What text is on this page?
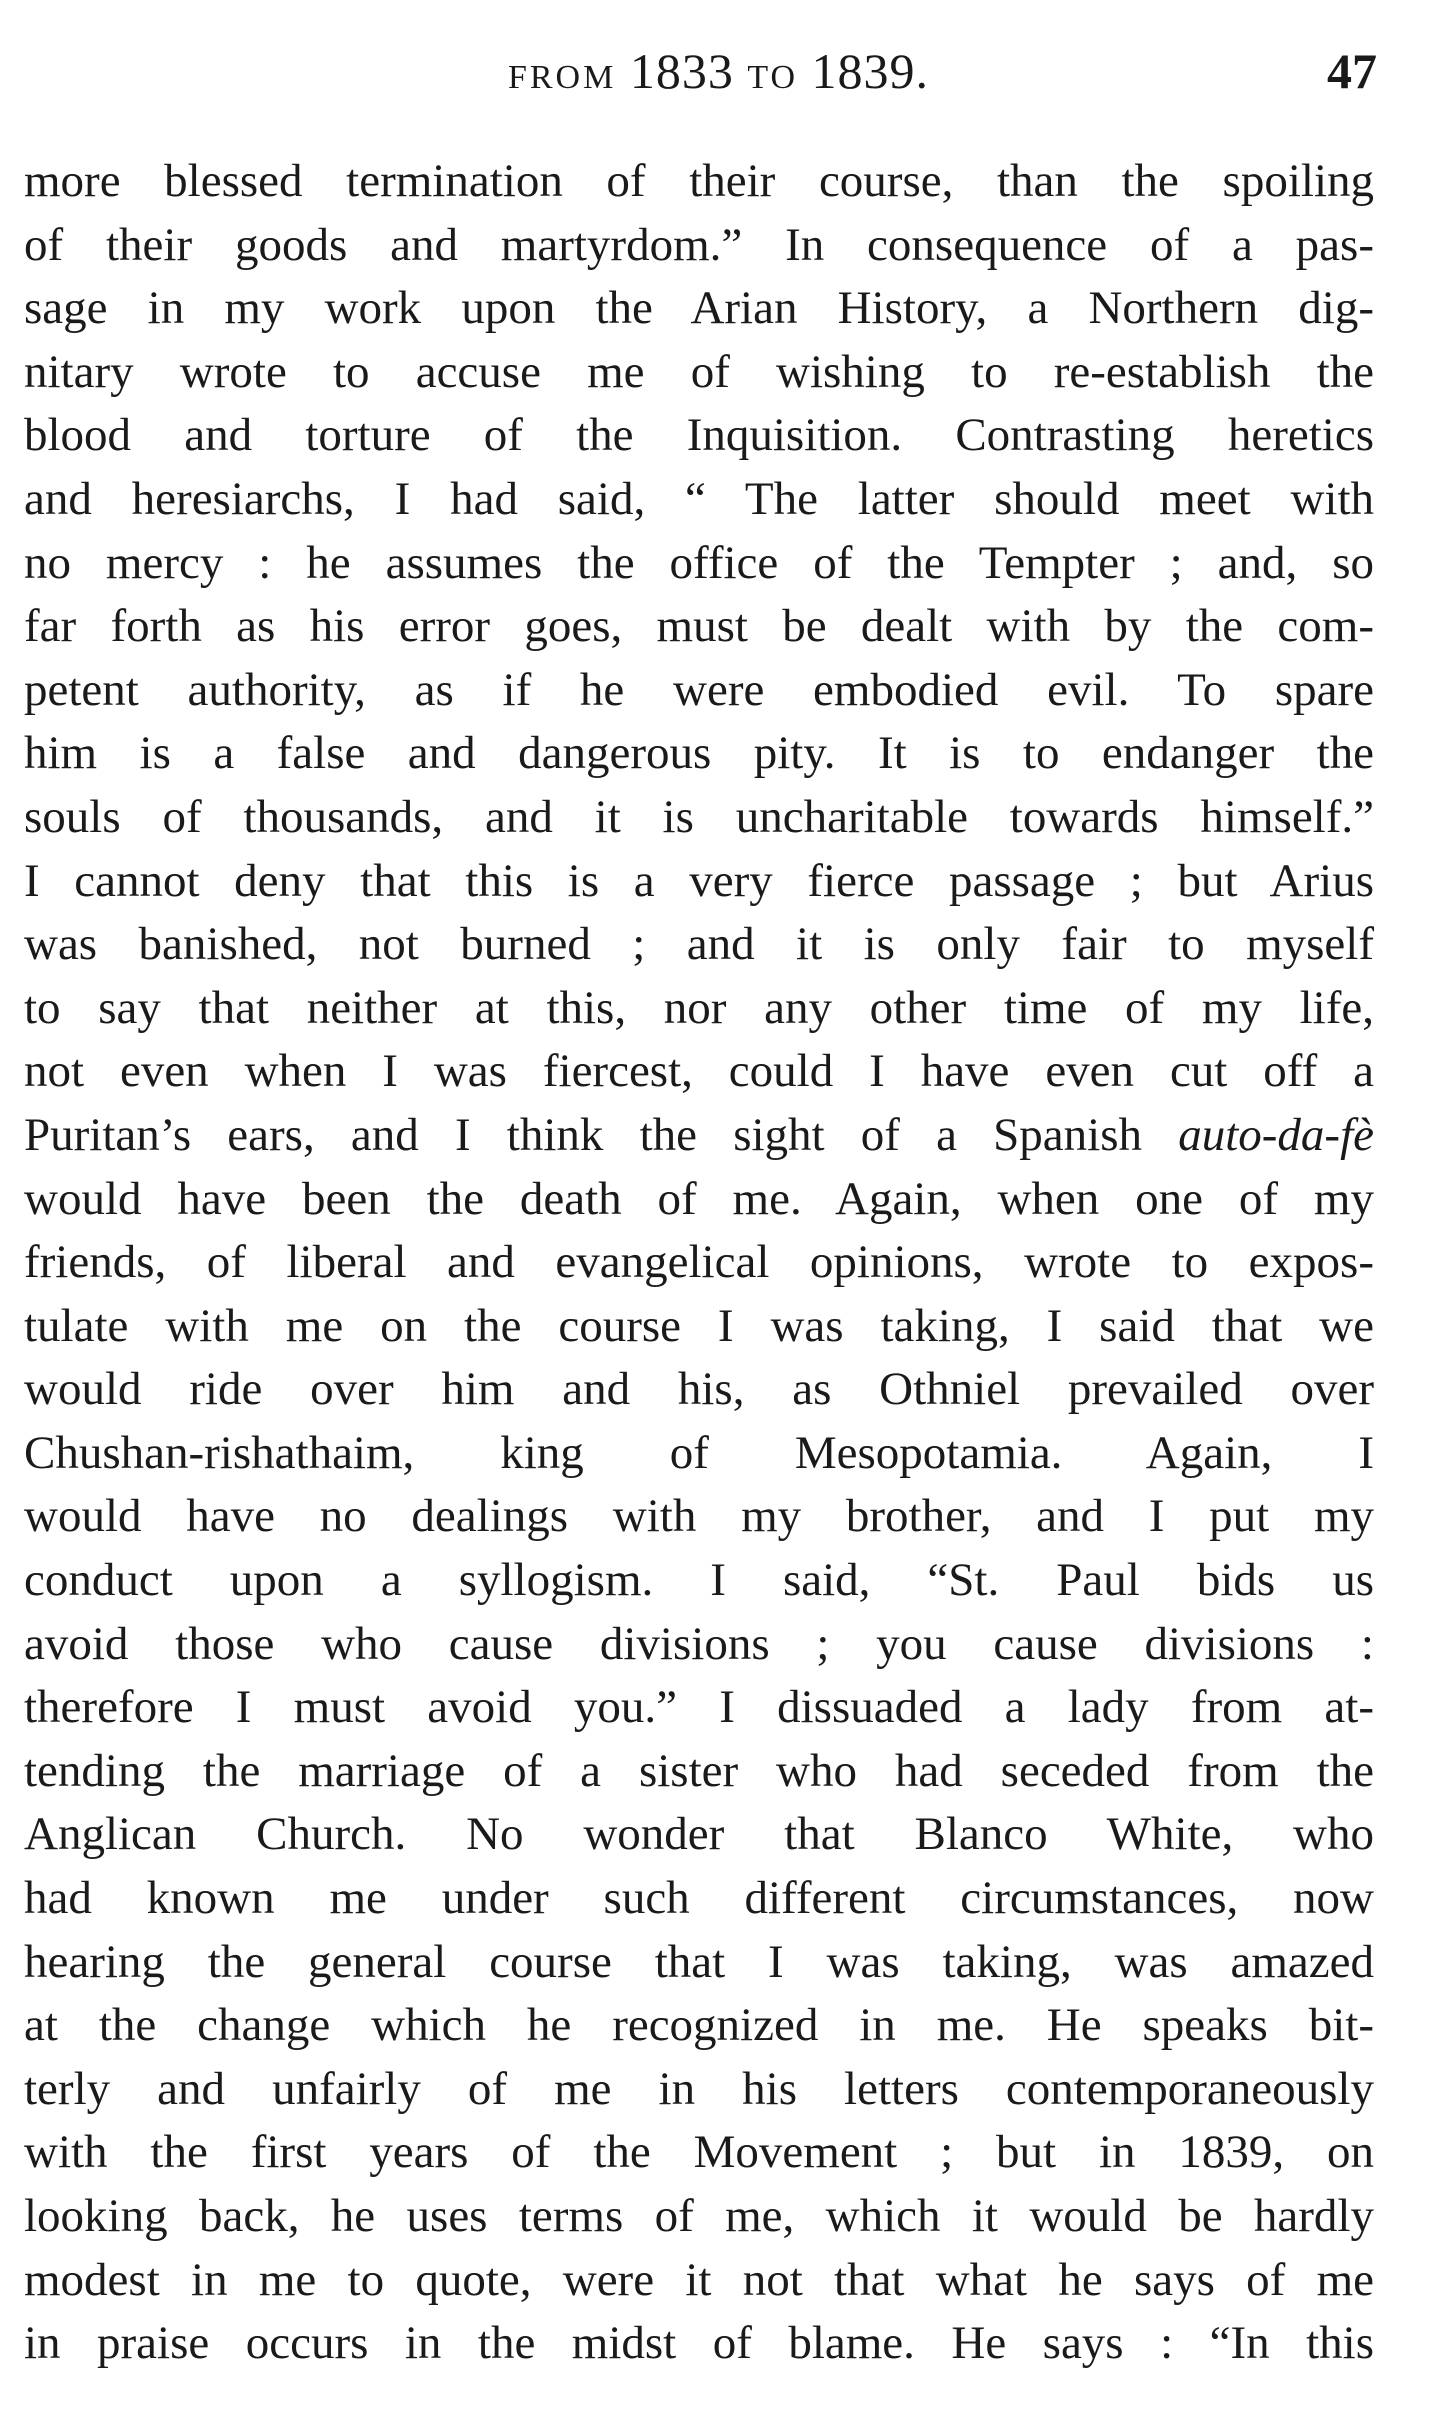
FROM 1833 TO 1839.	47
more blessed termination of their course, than the spoiling
of their goods and martyrdom.” In consequence of a pas-
sage in my work upon the Arian History, a Northern dig-
nitary wrote to accuse me of wishing to re-establish the
blood and torture of the Inquisition. Contrasting heretics
and heresiarchs, I had said, “ The latter should meet with
no mercy : he assumes the office of the Tempter ; and, so
far forth as his error goes, must be dealt with by the com-
petent authority, as if he were embodied evil. To spare
him is a false and dangerous pity. It is to endanger the
souls of thousands, and it is uncharitable towards himself.”
I cannot deny that this is a very fierce passage ; but Arius
was banished, not burned ; and it is only fair to myself
to say that neither at this, nor any other time of my life,
not even when I was fiercest, could I have even cut off a
Puritan’s ears, and I think the sight of a Spanish auto-da-fè
would have been the death of me. Again, when one of my
friends, of liberal and evangelical opinions, wrote to expos-
tulate with me on the course I was taking, I said that we
would ride over him and his, as Othniel prevailed over
Chushan-rishathaim, king of Mesopotamia. Again, I
would have no dealings with my brother, and I put my
conduct upon a syllogism. I said, “St. Paul bids us
avoid those who cause divisions ; you cause divisions :
therefore I must avoid you.” I dissuaded a lady from at-
tending the marriage of a sister who had seceded from the
Anglican Church. No wonder that Blanco White, who
had known me under such different circumstances, now
hearing the general course that I was taking, was amazed
at the change which he recognized in me. He speaks bit-
terly and unfairly of me in his letters contemporaneously
with the first years of the Movement ; but in 1839, on
looking back, he uses terms of me, which it would be hardly
modest in me to quote, were it not that what he says of me
in praise occurs in the midst of blame. He says : “In this
